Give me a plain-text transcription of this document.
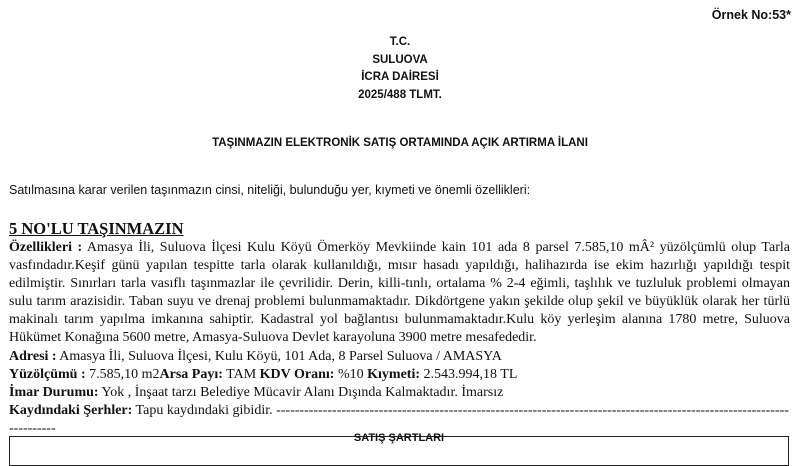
Örnek No:53*
T.C.
SULUOVA
İCRA DAİRESİ
2025/488 TLMT.
TAŞINMAZIN ELEKTRONİK SATIŞ ORTAMINDA AÇIK ARTIRMA İLANI
Satılmasına karar verilen taşınmazın cinsi, niteliği, bulunduğu yer, kıymeti ve önemli özellikleri:
5 NO'LU TAŞINMAZIN
Özellikleri : Amasya İli, Suluova İlçesi Kulu Köyü Ömerköy Mevkiinde kain 101 ada 8 parsel 7.585,10 mÂ² yüzölçümlü olup Tarla vasfındadır.Keşif günü yapılan tespitte tarla olarak kullanıldığı, mısır hasadı yapıldığı, halihazırda ise ekim hazırlığı yapıldığı tespit edilmiştir. Sınırları tarla vasıflı taşınmazlar ile çevrilidir. Derin, killi-tınlı, ortalama % 2-4 eğimli, taşlılık ve tuzluluk problemi olmayan sulu tarım arazisidir. Taban suyu ve drenaj problemi bulunmamaktadır. Dikdörtgene yakın şekilde olup şekil ve büyüklük olarak her türlü makinalı tarım yapılma imkanına sahiptir. Kadastral yol bağlantısı bulunmamaktadır.Kulu köy yerleşim alanına 1780 metre, Suluova Hükümet Konağına 5600 metre, Amasya-Suluova Devlet karayoluna 3900 metre mesafededir.
Adresi : Amasya İli, Suluova İlçesi, Kulu Köyü, 101 Ada, 8 Parsel Suluova / AMASYA
Yüzölçümü : 7.585,10 m2Arsa Payı: TAM KDV Oranı: %10 Kıymeti: 2.543.994,18 TL
İmar Durumu: Yok , İnşaat tarzı Belediye Mücavir Alanı Dışında Kalmaktadır. İmarsız
Kaydındaki Şerhler: Tapu kaydındaki gibidir. ------------------------------------------------------------------------------------------------------------------------
SATIŞ ŞARTLARI
